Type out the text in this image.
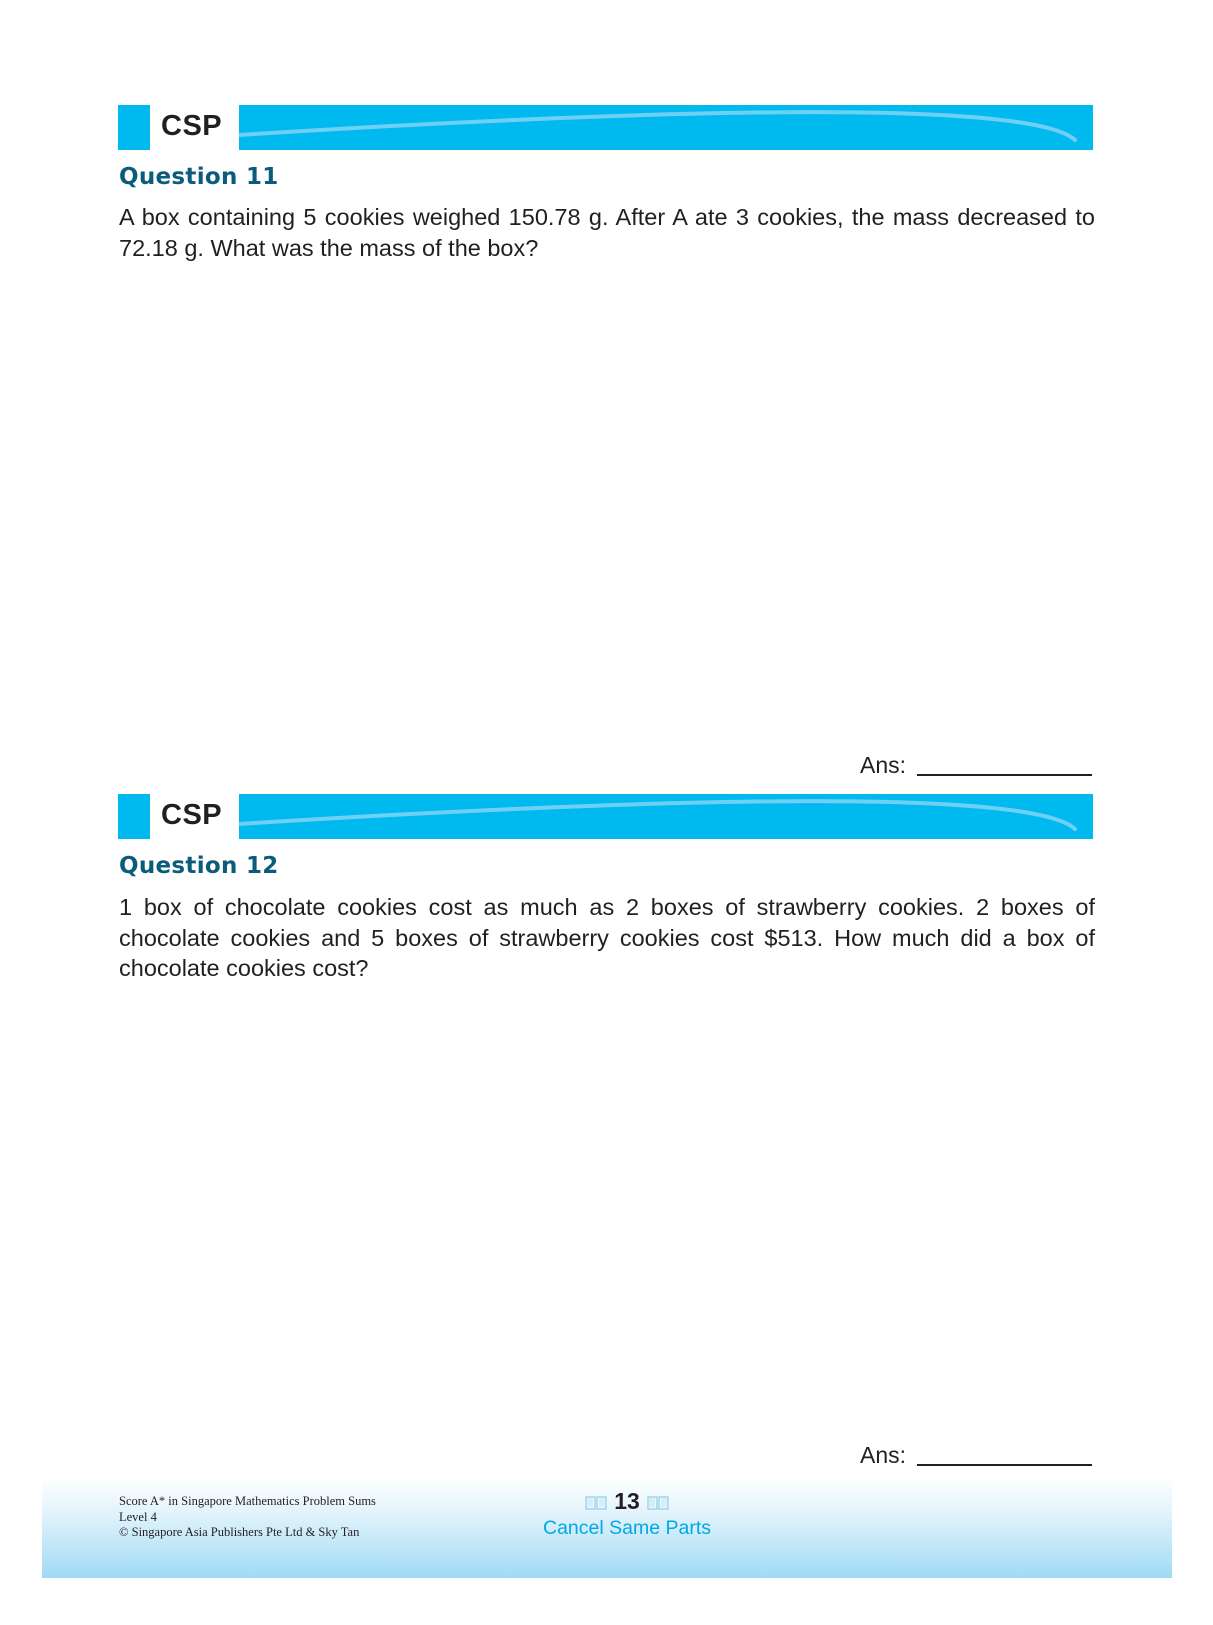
CSP
Question 11
A box containing 5 cookies weighed 150.78 g. After A ate 3 cookies, the mass decreased to 72.18 g. What was the mass of the box?
Ans:
CSP
Question 12
1 box of chocolate cookies cost as much as 2 boxes of strawberry cookies. 2 boxes of chocolate cookies and 5 boxes of strawberry cookies cost $513. How much did a box of chocolate cookies cost?
Ans:
Score A* in Singapore Mathematics Problem Sums
Level 4
© Singapore Asia Publishers Pte Ltd & Sky Tan
13
Cancel Same Parts
